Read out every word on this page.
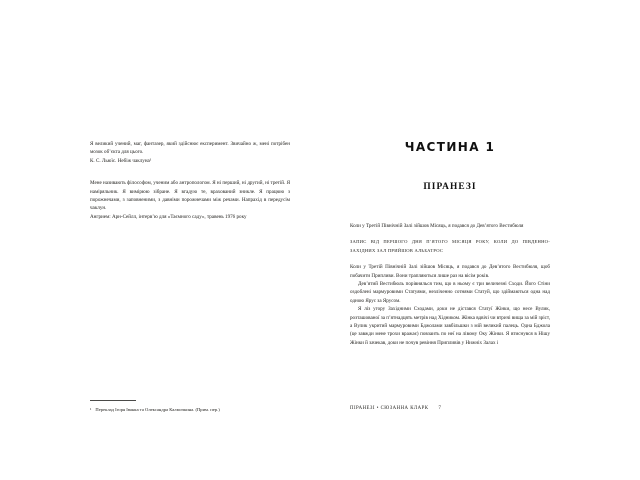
Я великий учений, маг, фантазер, який здійснює експеримент. Звичайно ж, мені потрібен мозок об’єкта для цього.
К. С. Льюїс. Небіж чаклуна¹
Мене називають філософом, ученим або антропологом. Я ні перший, ні другий, ні третій. Я наміряльник. Я вимірюю зібране. Я вгадую те, врахований зникле. Я працюю з порожнечами, з заповненими, з давніми порожнечами між речами. Напрахід в передусім чаклун.
Ангрием: Арн-Сейлл, інтерв’ю для «Таємного саду», травень 1976 року
¹ Переклад Ігоря Іванка та Олександра Калмочкина. (Прим. пер.)
ЧАСТИНА 1
ПІРАНЕЗІ

Коли у Третій Північній Залі зійшов Місяць, я подався до Дев’ятого Вестибюля

ЗАПИС ВІД ПЕРШОГО ДНЯ П’ЯТОГО МІСЯЦЯ РОКУ, КОЛИ ДО ПІВДЕННО-ЗАХІДНИХ ЗАЛ ПРИЙШОВ АЛЬБАТРОС

Коли у Третій Північній Залі зійшов Місяць, я подався до Дев’ятого Вестибюля, щоб побачити Припливи. Вони трапляються лише раз на вісім років.

Дев’ятий Вестибюль порівнялься тим, що в ньому є три величезні Сходи. Його Стіни оздоблені мармуровими Статуями, незліченно сотнями Статуй, що здіймаються одна над одною Ярус за Ярусом.

Я ліз угору Західними Сходами, доки не дістався Статуї Жінки, що несе Вулик, розташованої за п’ятнадцять метрів над Хідником. Жінка вдвічі чи втричі вища за мій зріст, а Вулик укритий мармуровими Бджолами завбільшки з мій великий палець. Одна Бджола (це завжди мене трохи вражає) повзаить по неї на лівому Оку Жінки. Я втиснувся в Нішу Жінки й зачекав, доки не почув ревіння Припливів у Нижніх Залах і

ПІРАНЕЗІ • СЮЗАННА КЛАРК 7
